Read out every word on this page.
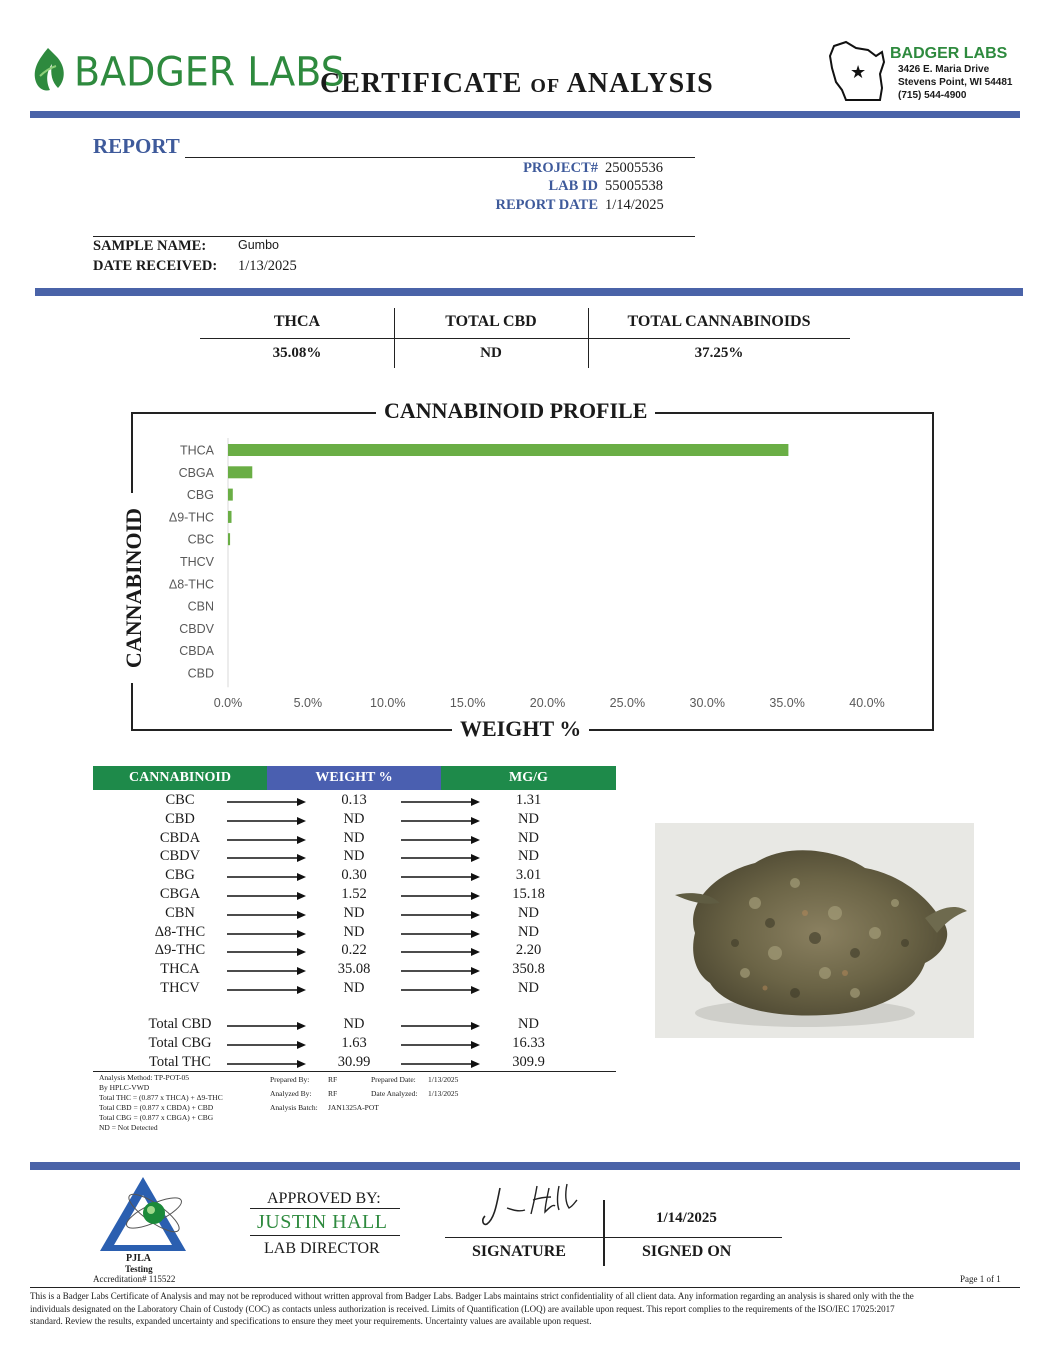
BADGER LABS
CERTIFICATE OF ANALYSIS	★
BADGER LABS
3426 E. Maria Drive
Stevens Point, WI 54481
(715) 544-4900
REPORT
PROJECT# 25005536
LAB ID 55005538
REPORT DATE 1/14/2025
SAMPLE NAME:	Gumbo
DATE RECEIVED: 1/13/2025
THCA	TOTAL CBD	TOTAL CANNABINOIDS
35.08%	ND	37.25%
CANNABINOID PROFILE
WEIGHT %
CANNABINOID
THCA
CBGA
CBG
Δ9-THC
CBC
THCV
Δ8-THC
CBN
CBDV
CBDA
CBD
0.0%	5.0%	10.0%	15.0%	20.0%	25.0%	30.0%	35.0%	40.0%
CANNABINOID	WEIGHT %	MG/G
CBC	0.13	1.31
CBD	ND	ND
CBDA	ND	ND
CBDV	ND	ND
CBG	0.30	3.01
CBGA	1.52	15.18
CBN	ND	ND
Δ8-THC	ND	ND
Δ9-THC	0.22	2.20
THCA	35.08	350.8
THCV	ND	ND
Total CBD	ND	ND
Total CBG	1.63	16.33
Total THC	30.99	309.9
Analysis Method: TP-POT-05
By HPLC-VWD
Total THC = (0.877 x THCA) + Δ9-THC
Total CBD = (0.877 x CBDA) + CBD
Total CBG = (0.877 x CBGA) + CBG
ND = Not Detected
Prepared By: RF	Prepared Date: 1/13/2025
Analyzed By: RF	Date Analyzed: 1/13/2025
Analysis Batch: JAN1325A-POT
PJLA
Testing
Accreditation# 115522
APPROVED BY:
JUSTIN HALL
LAB DIRECTOR
1/14/2025
SIGNATURE	SIGNED ON
Page 1 of 1
This is a Badger Labs Certificate of Analysis and may not be reproduced without written approval from Badger Labs. Badger Labs maintains strict confidentiality of all client data. Any information regarding an analysis is shared only with the the
individuals designated on the Laboratory Chain of Custody (COC) as contacts unless authorization is received. Limits of Quantification (LOQ) are available upon request. This report complies to the requirements of the ISO/IEC 17025:2017
standard. Review the results, expanded uncertainty and specifications to ensure they meet your requirements. Uncertainty values are available upon request.
